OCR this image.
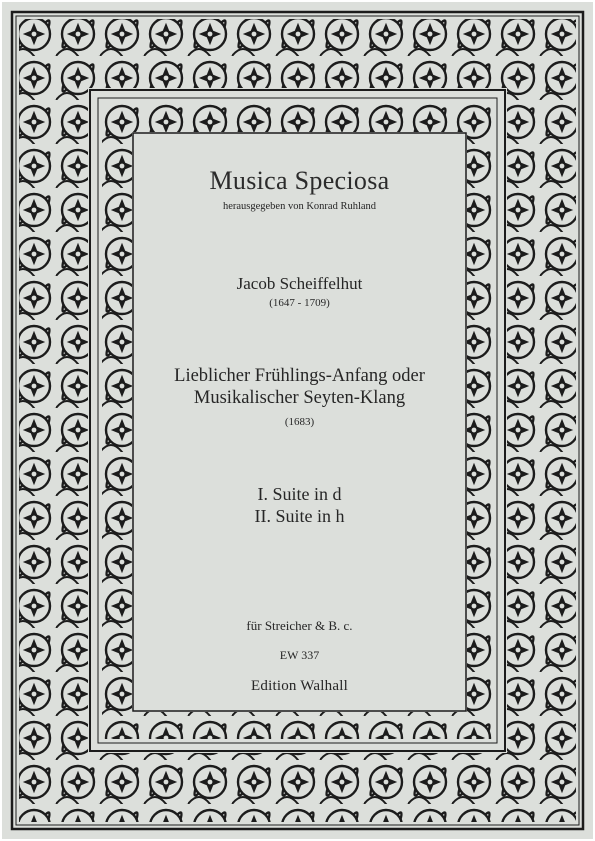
Musica Speciosa
herausgegeben von Konrad Ruhland
Jacob Scheiffelhut
(1647 - 1709)
Lieblicher Frühlings-Anfang oder
Musikalischer Seyten-Klang
(1683)
I. Suite in d
II. Suite in h
für Streicher & B. c.
EW 337
Edition Walhall
